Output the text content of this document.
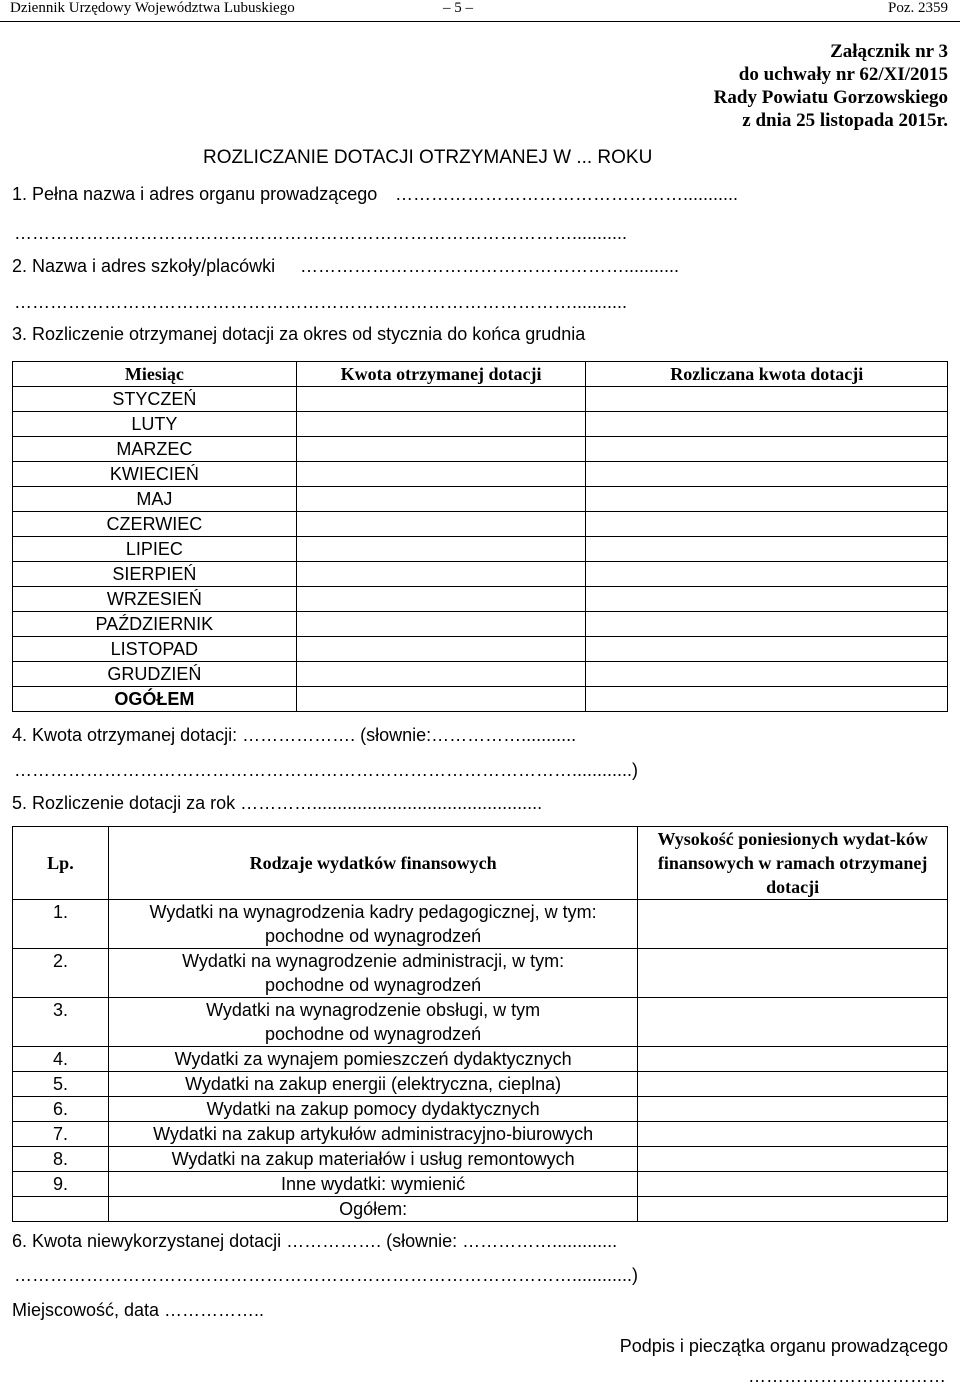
Dziennik Urzędowy Województwa Lubuskiego	– 5 –	Poz. 2359
Załącznik nr 3
do uchwały nr 62/XI/2015
Rady Powiatu Gorzowskiego
z dnia 25 listopada 2015r.
ROZLICZANIE DOTACJI OTRZYMANEJ W ... ROKU
1. Pełna nazwa i adres organu prowadzącego …………………………………………...........
…………………………………………………………………………………...........
2. Nazwa i adres szkoły/placówki ………………………………………………...........
…………………………………………………………………………………...........
3. Rozliczenie otrzymanej dotacji za okres od stycznia do końca grudnia
Miesiąc	Kwota otrzymanej dotacji	Rozliczana kwota dotacji
STYCZEŃ		
LUTY		
MARZEC		
KWIECIEŃ		
MAJ		
CZERWIEC		
LIPIEC		
SIERPIEŃ		
WRZESIEŃ		
PAŹDZIERNIK		
LISTOPAD		
GRUDZIEŃ		
OGÓŁEM		
4. Kwota otrzymanej dotacji: ………………. (słownie:……………...........
…………………………………………………………………………………............)
5. Rozliczenie dotacji za rok …………..............................................
Lp.	Rodzaje wydatków finansowych	Wysokość poniesionych wydat-ków finansowych w ramach otrzymanej dotacji
1.	Wydatki na wynagrodzenia kadry pedagogicznej, w tym:
pochodne od wynagrodzeń	

2.	Wydatki na wynagrodzenie administracji, w tym:
pochodne od wynagrodzeń	

3.	Wydatki na wynagrodzenie obsługi, w tym
pochodne od wynagrodzeń	

4.	Wydatki za wynajem pomieszczeń dydaktycznych	
5.	Wydatki na zakup energii (elektryczna, cieplna)	
6.	Wydatki na zakup pomocy dydaktycznych	
7.	Wydatki na zakup artykułów administracyjno-biurowych	
8.	Wydatki na zakup materiałów i usług remontowych	
9.	Inne wydatki: wymienić	
	Ogółem:	
6. Kwota niewykorzystanej dotacji ……………. (słownie: …………….............
…………………………………………………………………………………............)
Miejscowość, data ……………..
Podpis i pieczątka organu prowadzącego
……………………………
